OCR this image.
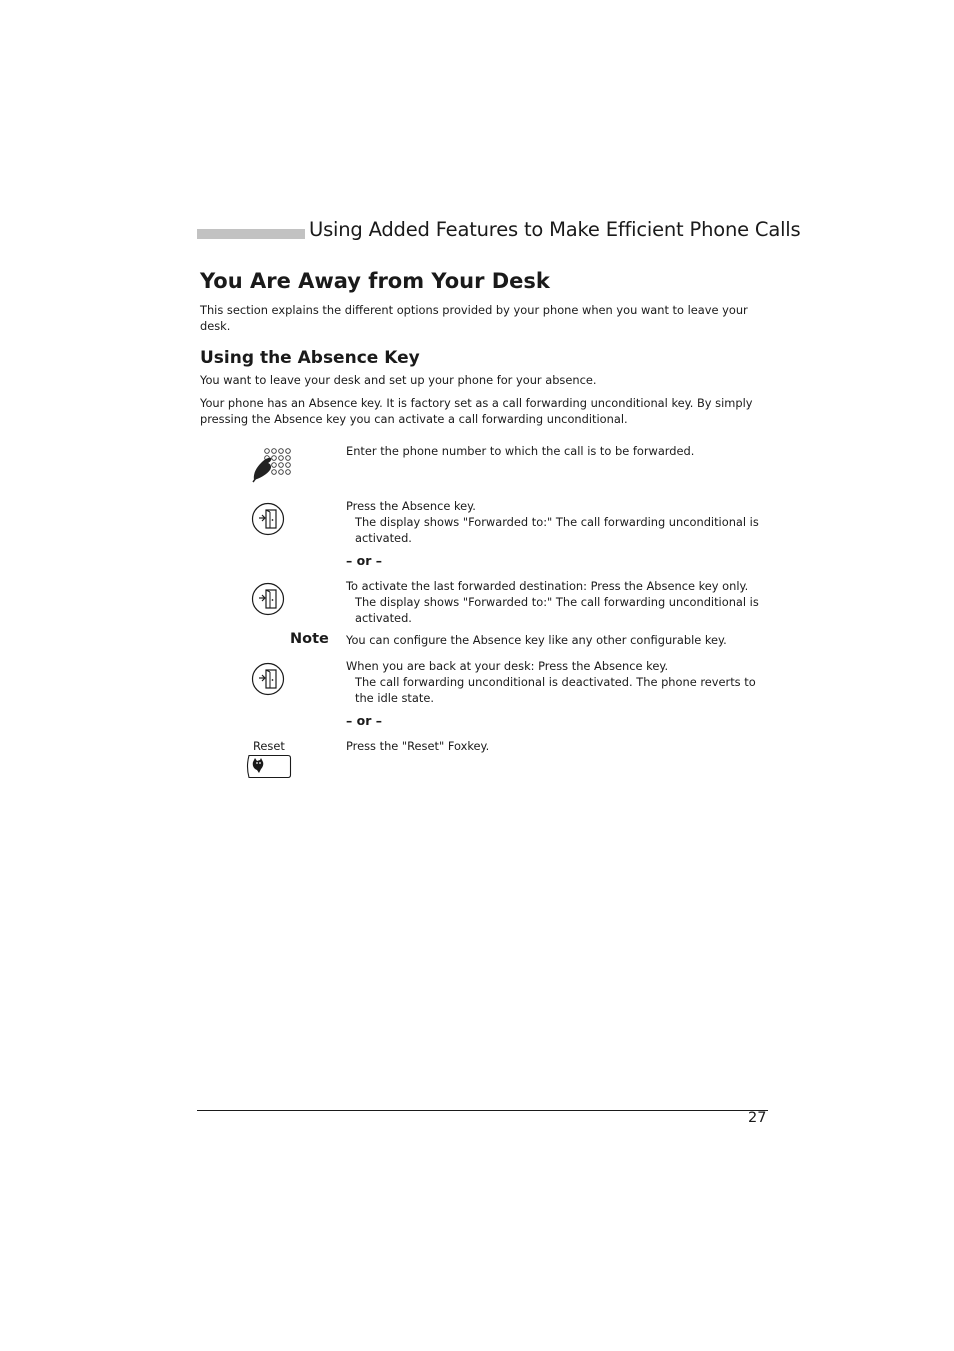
Using Added Features to Make Efficient Phone Calls
You Are Away from Your Desk
This section explains the different options provided by your phone when you want to leave your desk.
Using the Absence Key
You want to leave your desk and set up your phone for your absence.
Your phone has an Absence key. It is factory set as a call forwarding unconditional key. By simply pressing the Absence key you can activate a call forwarding unconditional.
Enter the phone number to which the call is to be forwarded.
Press the Absence key.
The display shows "Forwarded to:" The call forwarding unconditional is activated.
– or –
To activate the last forwarded destination: Press the Absence key only.
The display shows "Forwarded to:" The call forwarding unconditional is activated.
Note You can configure the Absence key like any other configurable key.
When you are back at your desk: Press the Absence key.
The call forwarding unconditional is deactivated. The phone reverts to the idle state.
– or –
Reset	Press the "Reset" Foxkey.
27
